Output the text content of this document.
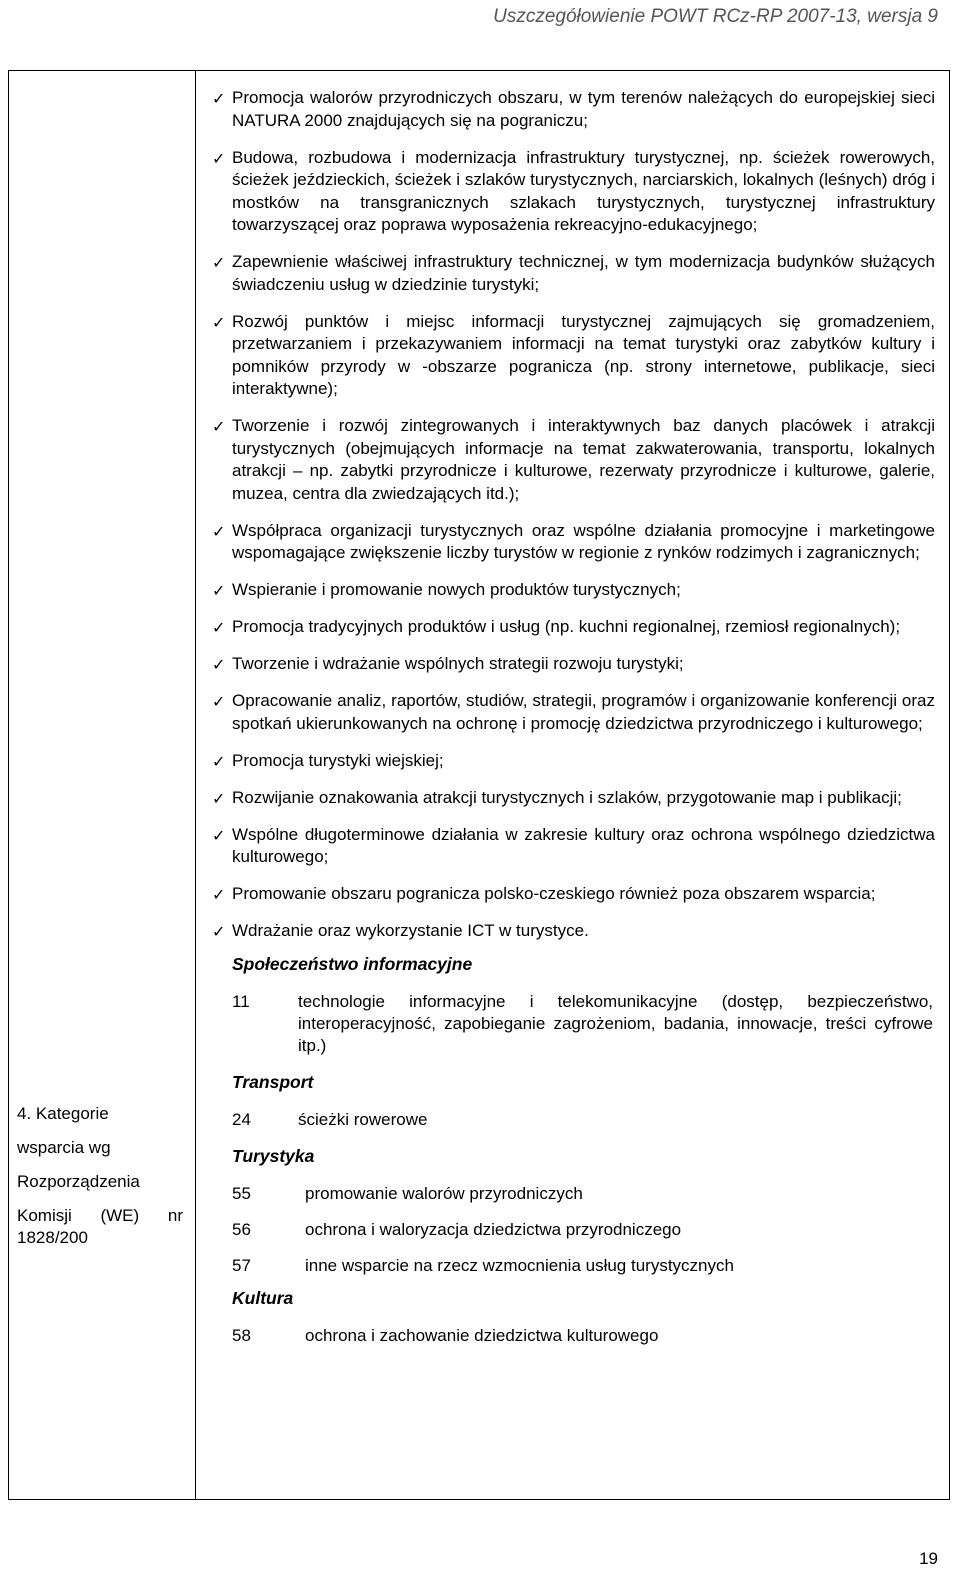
Uszczegółowienie POWT RCz-RP 2007-13, wersja 9
4. Kategorie
wsparcia wg
Rozporządzenia
Komisji (WE) nr
1828/200

✓ Promocja walorów przyrodniczych obszaru, w tym terenów należących do europejskiej sieci NATURA 2000 znajdujących się na pograniczu;
✓ Budowa, rozbudowa i modernizacja infrastruktury turystycznej, np. ścieżek rowerowych, ścieżek jeździeckich, ścieżek i szlaków turystycznych, narciarskich, lokalnych (leśnych) dróg i mostków na transgranicznych szlakach turystycznych, turystycznej infrastruktury towarzyszącej oraz poprawa wyposażenia rekreacyjno-edukacyjnego;
✓ Zapewnienie właściwej infrastruktury technicznej, w tym modernizacja budynków służących świadczeniu usług w dziedzinie turystyki;
✓ Rozwój punktów i miejsc informacji turystycznej zajmujących się gromadzeniem, przetwarzaniem i przekazywaniem informacji na temat turystyki oraz zabytków kultury i pomników przyrody w -obszarze pogranicza (np. strony internetowe, publikacje, sieci interaktywne);
✓ Tworzenie i rozwój zintegrowanych i interaktywnych baz danych placówek i atrakcji turystycznych (obejmujących informacje na temat zakwaterowania, transportu, lokalnych atrakcji – np. zabytki przyrodnicze i kulturowe, rezerwaty przyrodnicze i kulturowe, galerie, muzea, centra dla zwiedzających itd.);
✓ Współpraca organizacji turystycznych oraz wspólne działania promocyjne i marketingowe wspomagające zwiększenie liczby turystów w regionie z rynków rodzimych i zagranicznych;
✓ Wspieranie i promowanie nowych produktów turystycznych;
✓ Promocja tradycyjnych produktów i usług (np. kuchni regionalnej, rzemiosł regionalnych);
✓ Tworzenie i wdrażanie wspólnych strategii rozwoju turystyki;
✓ Opracowanie analiz, raportów, studiów, strategii, programów i organizowanie konferencji oraz spotkań ukierunkowanych na ochronę i promocję dziedzictwa przyrodniczego i kulturowego;
✓ Promocja turystyki wiejskiej;
✓ Rozwijanie oznakowania atrakcji turystycznych i szlaków, przygotowanie map i publikacji;
✓ Wspólne długoterminowe działania w zakresie kultury oraz ochrona wspólnego dziedzictwa kulturowego;
✓ Promowanie obszaru pogranicza polsko-czeskiego również poza obszarem wsparcia;
✓ Wdrażanie oraz wykorzystanie ICT w turystyce.
Społeczeństwo informacyjne
11	technologie informacyjne i telekomunikacyjne (dostęp, bezpieczeństwo, interoperacyjność, zapobieganie zagrożeniom, badania, innowacje, treści cyfrowe itp.)
Transport
24	ścieżki rowerowe
Turystyka
55	promowanie walorów przyrodniczych
56	ochrona i waloryzacja dziedzictwa przyrodniczego
57	inne wsparcie na rzecz wzmocnienia usług turystycznych
Kultura
58	ochrona i zachowanie dziedzictwa kulturowego
19
